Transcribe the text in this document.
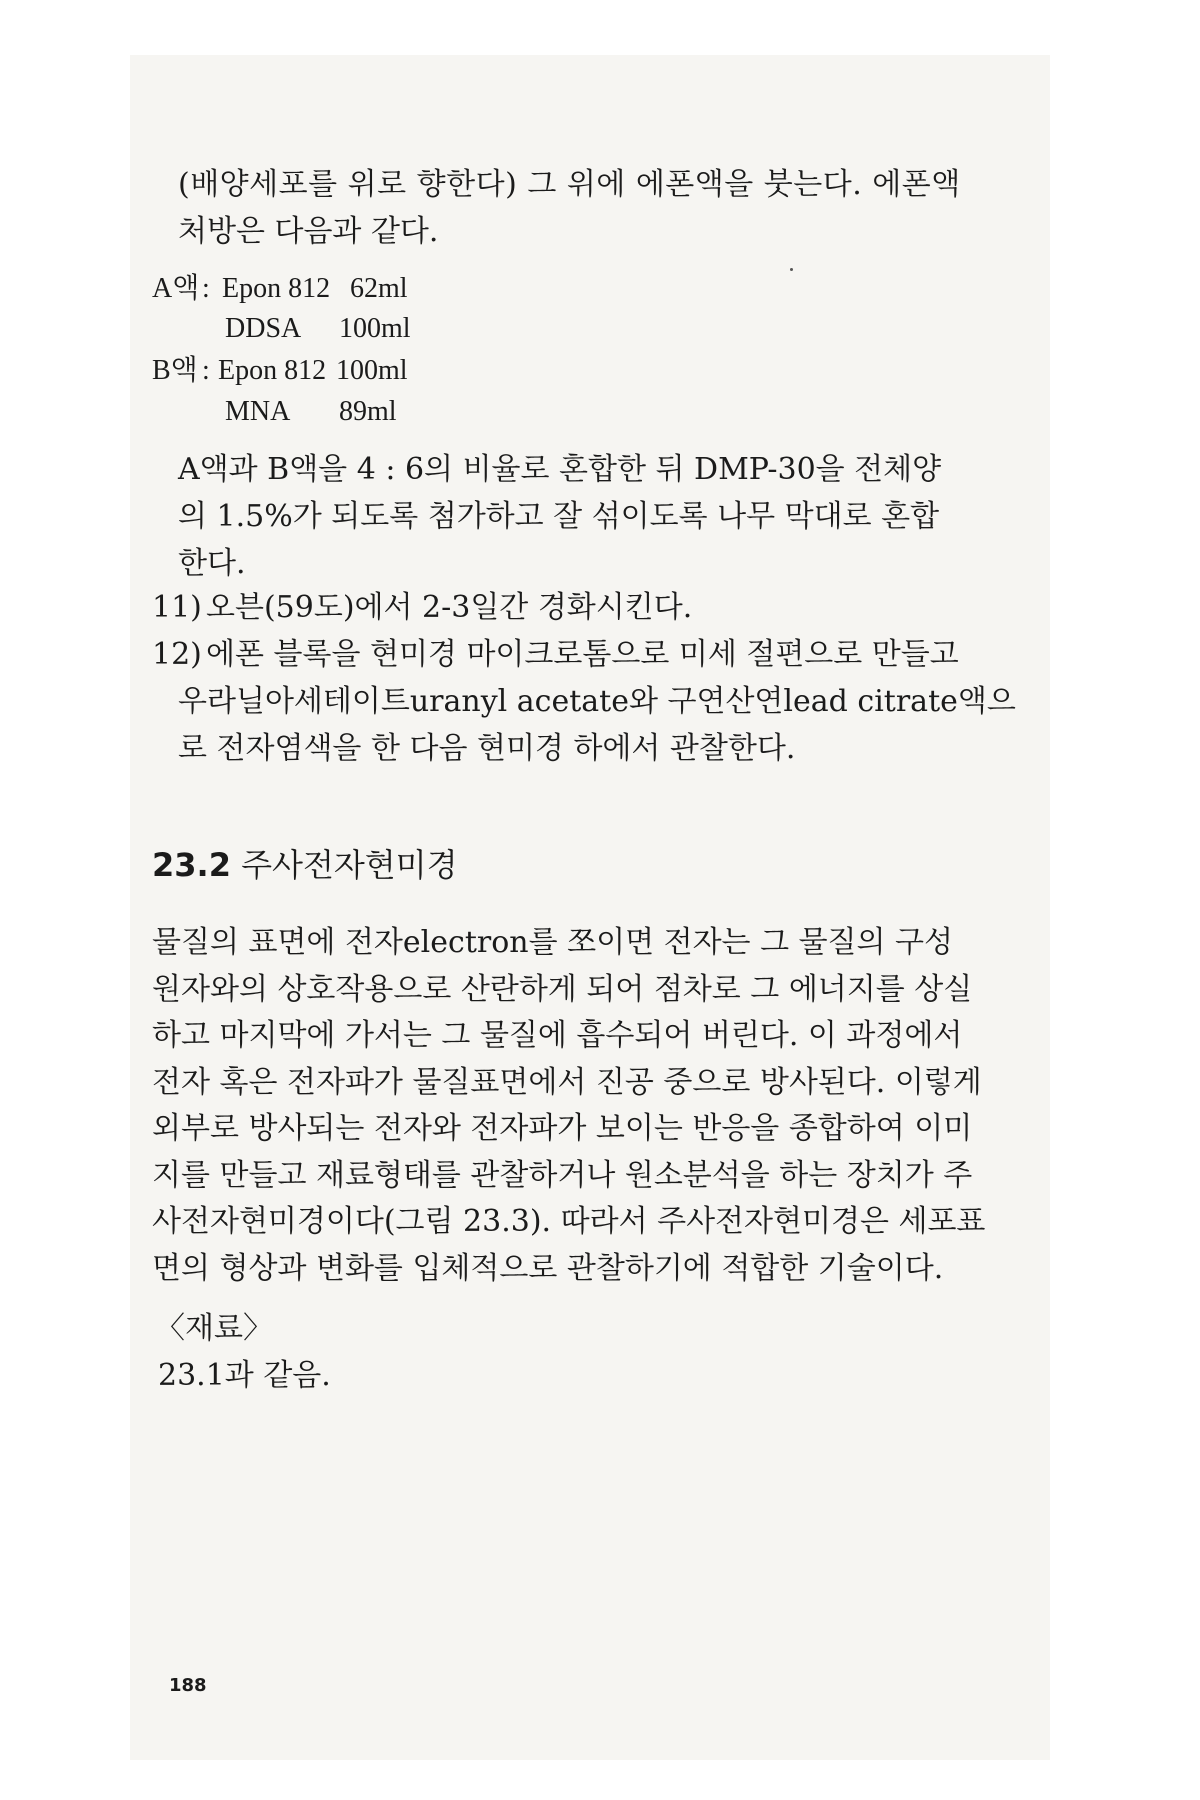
(배양세포를 위로 향한다) 그 위에 에폰액을 붓는다. 에폰액
처방은 다음과 같다.
A액 : Epon 812 62ml
DDSA 100ml
B액 : Epon 812 100ml
MNA 89ml
A액과 B액을 4 : 6의 비율로 혼합한 뒤 DMP-30을 전체양
의 1.5%가 되도록 첨가하고 잘 섞이도록 나무 막대로 혼합
한다.
11) 오븐(59도)에서 2-3일간 경화시킨다.
12) 에폰 블록을 현미경 마이크로톰으로 미세 절편으로 만들고
우라닐아세테이트uranyl acetate와 구연산연lead citrate액으
로 전자염색을 한 다음 현미경 하에서 관찰한다.
23.2 주사전자현미경
물질의 표면에 전자electron를 쪼이면 전자는 그 물질의 구성
원자와의 상호작용으로 산란하게 되어 점차로 그 에너지를 상실
하고 마지막에 가서는 그 물질에 흡수되어 버린다. 이 과정에서
전자 혹은 전자파가 물질표면에서 진공 중으로 방사된다. 이렇게
외부로 방사되는 전자와 전자파가 보이는 반응을 종합하여 이미
지를 만들고 재료형태를 관찰하거나 원소분석을 하는 장치가 주
사전자현미경이다(그림 23.3). 따라서 주사전자현미경은 세포표
면의 형상과 변화를 입체적으로 관찰하기에 적합한 기술이다.
〈재료〉
23.1과 같음.
188
